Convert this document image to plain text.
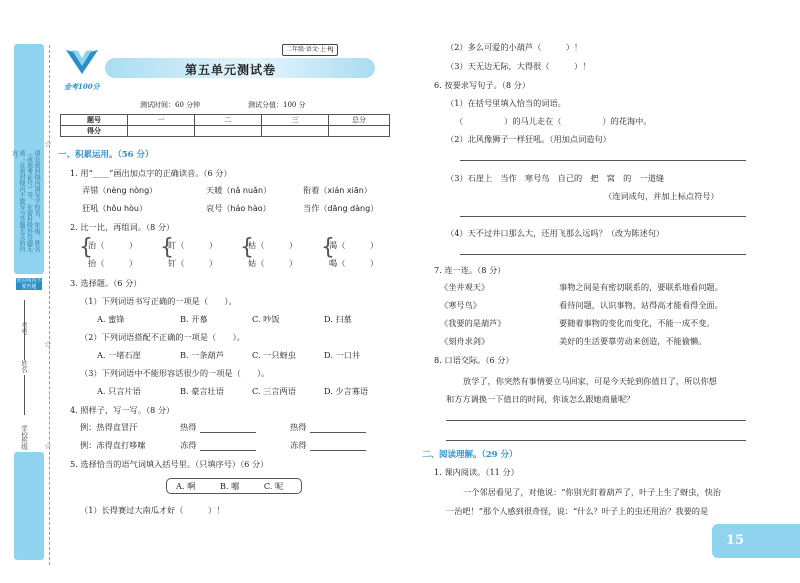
请在密封线内填写学校名、年级、姓名（或准考证号）等，在密封线外答题无效；在密封线内不能写与答题无关的内容。
密封线内不要答题
☆
☆
☆
学校
班级
姓名
考号
金考100分
第五单元测试卷
二年级·语文·上·RJ
测试时间：60 分钟	测试分值：100 分
题号	一	二	三	总分
得分				
一、积累运用。（56 分）
1. 用“____”画出加点字的正确读音。（6 分）
弄错（nèng nòng）	天暖（nǎ nuǎn）	衔着（xián xiān）
狂吼（hǒu hòu）	哀号（háo hào）	当作（dāng dàng）
2. 比一比，再组词。（8 分）
{	{	{	{
治（　　　）	盯（　　　）	枯（　　　）	渴（　　　）
抬（　　　）	钉（　　　）	姑（　　　）	喝（　　　）
3. 选择题。（6 分）
（1）下列词语书写正确的一项是（　　）。
A. 蜜锋	B. 开慕	C. 吵饭	D. 扫墓
（2）下列词语搭配不正确的一项是（　　）。
A. 一堵石崖	B. 一条葫芦	C. 一只蚜虫	D. 一口井
（3）下列词语中不能形容话很少的一项是（　　）。
A. 只言片语	B. 豪言壮语	C. 三言两语	D. 少言寡语
4. 照样子，写一写。（8 分）
例：热得直冒汗	热得	热得
例：冻得直打哆嗦	冻得	冻得
5. 选择恰当的语气词填入括号里。（只填序号）（6 分）
A. 啊　　　B. 哪　　　C. 呢
（1）长得赛过大南瓜才好（　　　）！
（2）多么可爱的小葫芦（　　　）！
（3）天无边无际，大得很（　　　）！
6. 按要求写句子。（8 分）
（1）在括号里填入恰当的词语。
（　　　　　）的马儿走在（　　　　　）的花海中。
（2）北风像狮子一样狂吼。（用加点词造句）
（3）石崖上　当作　寒号鸟　自己的　把　窝　的　一道缝
（连词成句，并加上标点符号）
（4）天不过井口那么大，还用飞那么远吗？（改为陈述句）
7. 连一连。（8 分）
《坐井观天》
《寒号鸟》
《我要的是葫芦》
《刻舟求剑》
事物之间是有密切联系的，要联系地看问题。
看待问题，认识事物，站得高才能看得全面。
要随着事物的变化而变化，不能一成不变。
美好的生活要靠劳动来创造，不能偷懒。
8. 口语交际。（6 分）
放学了，你突然有事情要立马回家，可是今天轮到你值日了，所以你想
和方方调换一下值日的时间，你该怎么跟她商量呢？
二、阅读理解。（29 分）
1. 课内阅读。（11 分）
一个邻居看见了，对他说：“你别光盯着葫芦了，叶子上生了蚜虫，快治
一治吧！”那个人感到很奇怪，说：“什么？叶子上的虫还用治？我要的是
15
